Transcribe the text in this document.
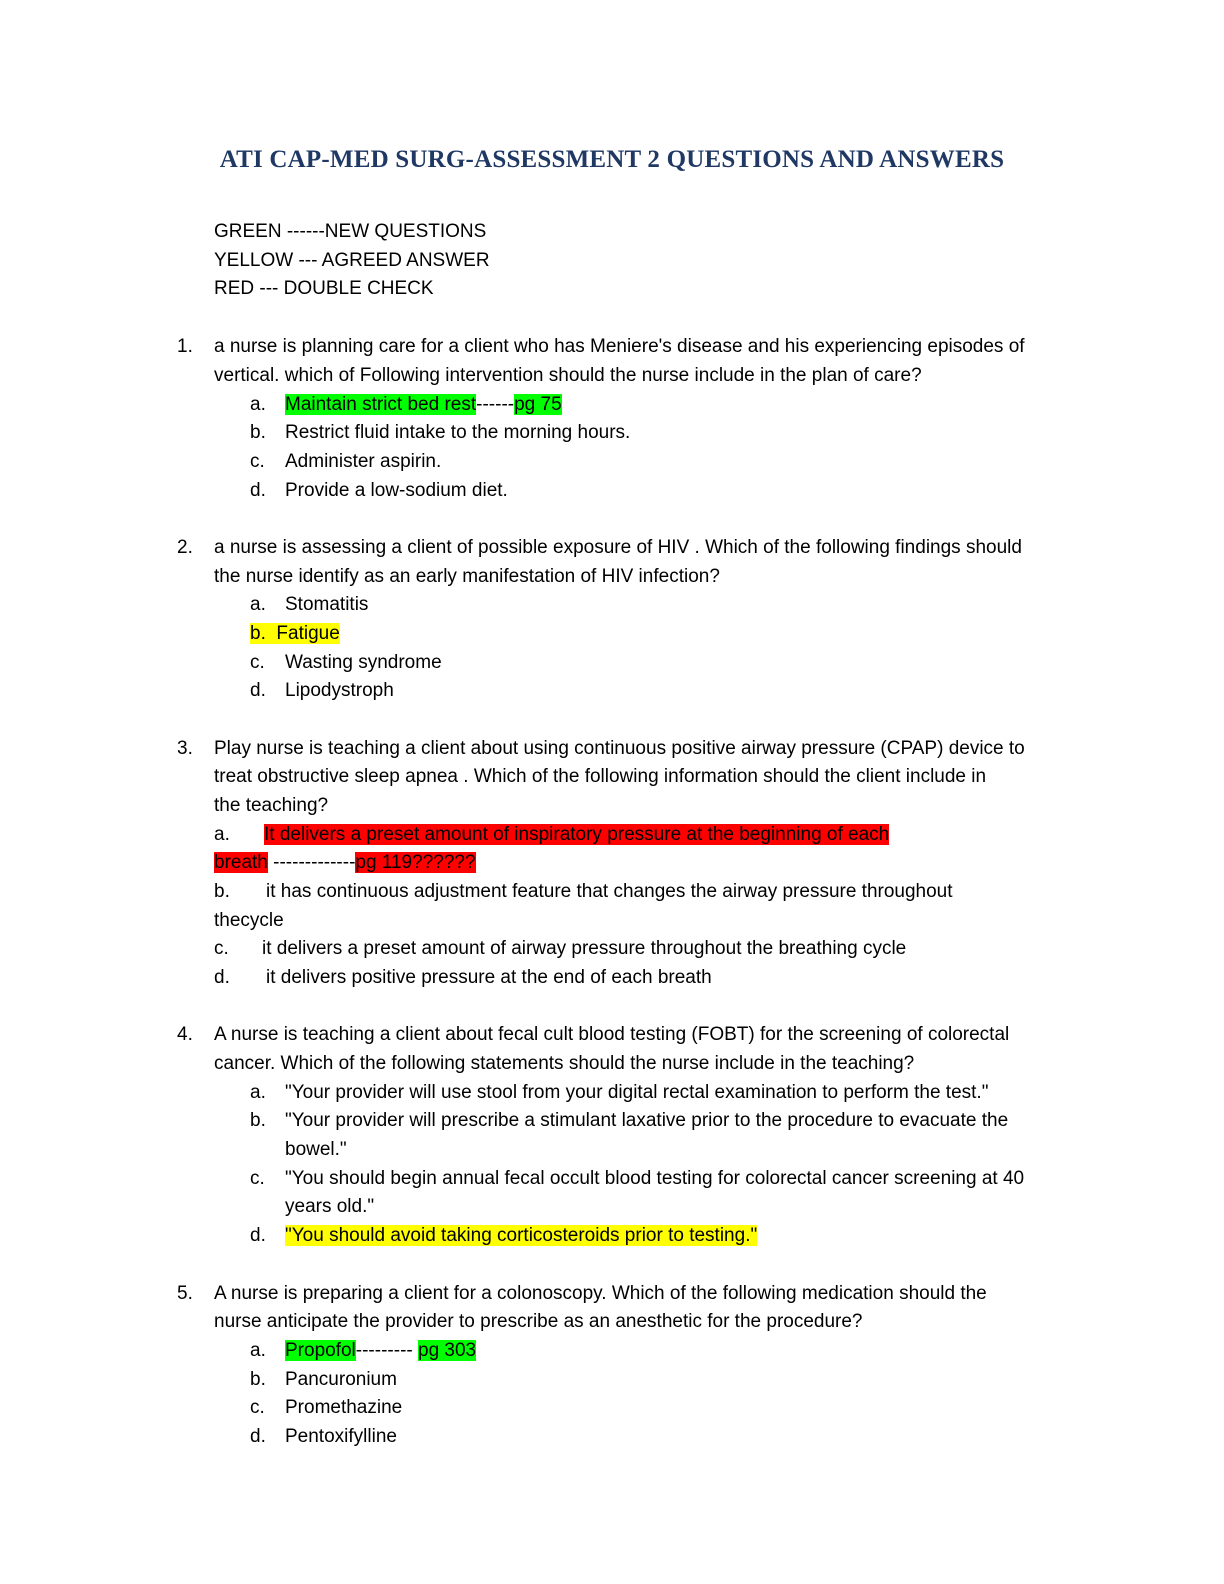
ATI CAP-MED SURG-ASSESSMENT 2 QUESTIONS AND ANSWERS
GREEN ------NEW QUESTIONS
YELLOW --- AGREED ANSWER
RED --- DOUBLE CHECK
1. a nurse is planning care for a client who has Meniere's disease and his experiencing episodes of
vertical. which of Following intervention should the nurse include in the plan of care?
a. Maintain strict bed rest------pg 75
b. Restrict fluid intake to the morning hours.
c. Administer aspirin.
d. Provide a low-sodium diet.
2. a nurse is assessing a client of possible exposure of HIV . Which of the following findings should
the nurse identify as an early manifestation of HIV infection?
a. Stomatitis
b.  Fatigue
c. Wasting syndrome
d. Lipodystroph
3. Play nurse is teaching a client about using continuous positive airway pressure (CPAP) device to
treat obstructive sleep apnea . Which of the following information should the client include in
the teaching?
a. It delivers a preset amount of inspiratory pressure at the beginning of each
breath -------------pg 119??????
b. it has continuous adjustment feature that changes the airway pressure throughout
thecycle
c. it delivers a preset amount of airway pressure throughout the breathing cycle
d. it delivers positive pressure at the end of each breath
4. A nurse is teaching a client about fecal cult blood testing (FOBT) for the screening of colorectal
cancer. Which of the following statements should the nurse include in the teaching?
a. "Your provider will use stool from your digital rectal examination to perform the test."
b. "Your provider will prescribe a stimulant laxative prior to the procedure to evacuate the
bowel."
c. "You should begin annual fecal occult blood testing for colorectal cancer screening at 40
years old."
d. "You should avoid taking corticosteroids prior to testing."
5. A nurse is preparing a client for a colonoscopy. Which of the following medication should the
nurse anticipate the provider to prescribe as an anesthetic for the procedure?
a. Propofol--------- pg 303
b. Pancuronium
c. Promethazine
d. Pentoxifylline
